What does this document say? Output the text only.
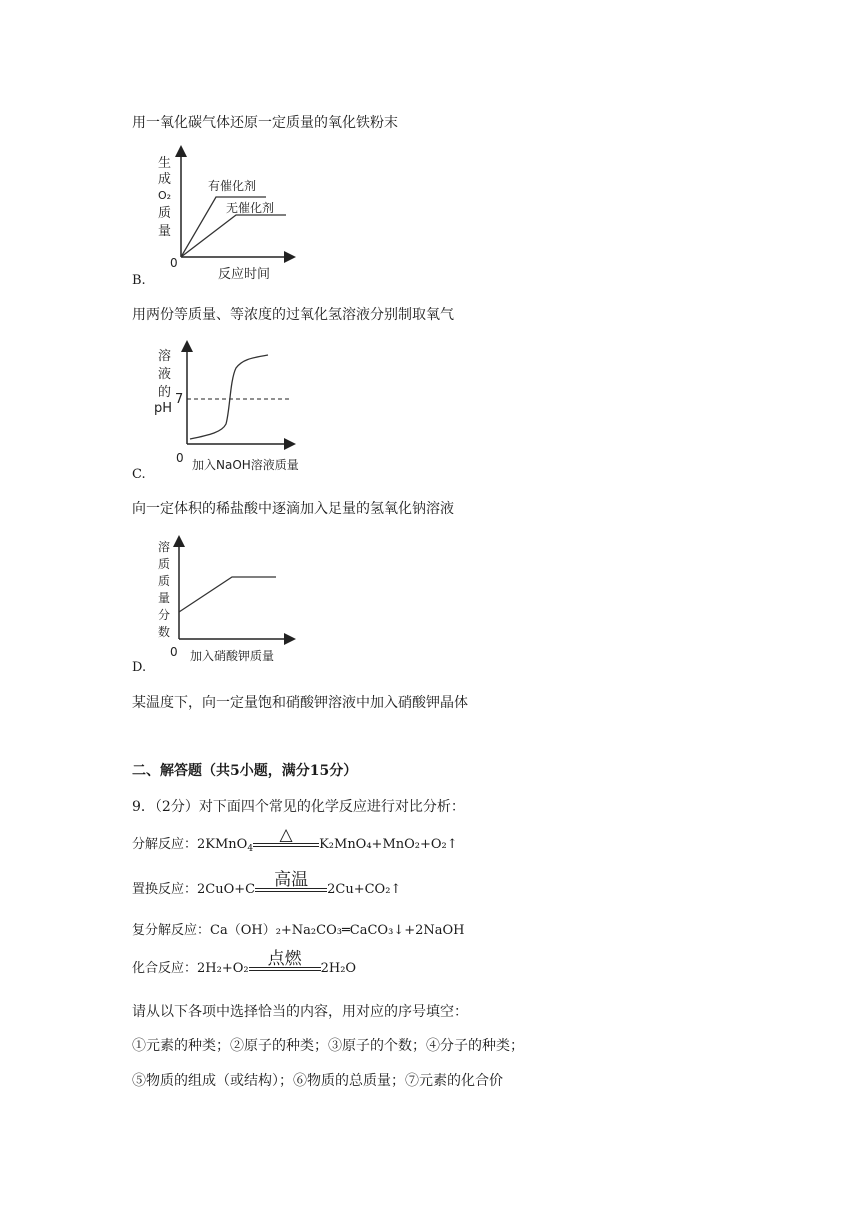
用一氧化碳气体还原一定质量的氧化铁粉末
生
成
O₂
质
量
0
反应时间
有催化剂
无催化剂
B.
用两份等质量、等浓度的过氧化氢溶液分别制取氧气
溶
液
的
pH
7
0 加入NaOH溶液质量
C.
向一定体积的稀盐酸中逐滴加入足量的氢氧化钠溶液
溶
质
质
量
分
数
0 加入硝酸钾质量
D.
某温度下，向一定量饱和硝酸钾溶液中加入硝酸钾晶体
二、解答题（共5小题，满分15分）
9．（2分）对下面四个常见的化学反应进行对比分析：
分解反应：2KMnO$_4$
△	K₂MnO₄+MnO₂+O₂↑
置换反应：2CuO+C	高温	2Cu+CO₂↑
复分解反应：Ca（OH）₂+Na₂CO₃═CaCO₃↓+2NaOH
化合反应：2H₂+O₂	点燃	2H₂O
请从以下各项中选择恰当的内容，用对应的序号填空：
①元素的种类；②原子的种类；③原子的个数；④分子的种类；
⑤物质的组成（或结构）；⑥物质的总质量；⑦元素的化合价
